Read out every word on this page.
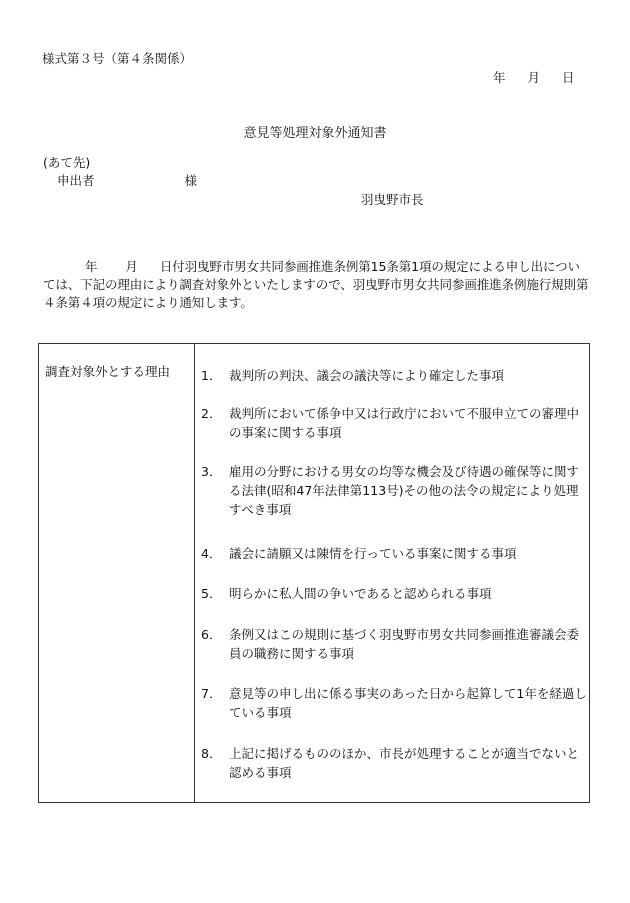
様式第３号（第４条関係）
年 月 日
意見等処理対象外通知書
(あて先)
申出者	様
羽曳野市長
年 月 日付羽曳野市男女共同参画推進条例第15条第1項の規定による申し出については、下記の理由により調査対象外といたしますので、羽曳野市男女共同参画推進条例施行規則第４条第４項の規定により通知します。
調査対象外とする理由 1． 裁判所の判決、議会の議決等により確定した事項
2． 裁判所において係争中又は行政庁において不服申立ての審理中の事案に関する事項
3． 雇用の分野における男女の均等な機会及び待遇の確保等に関する法律(昭和47年法律第113号)その他の法令の規定により処理すべき事項
4． 議会に請願又は陳情を行っている事案に関する事項
5． 明らかに私人間の争いであると認められる事項
6． 条例又はこの規則に基づく羽曳野市男女共同参画推進審議会委員の職務に関する事項
7． 意見等の申し出に係る事実のあった日から起算して1年を経過している事項
8． 上記に掲げるもののほか、市長が処理することが適当でないと認める事項
